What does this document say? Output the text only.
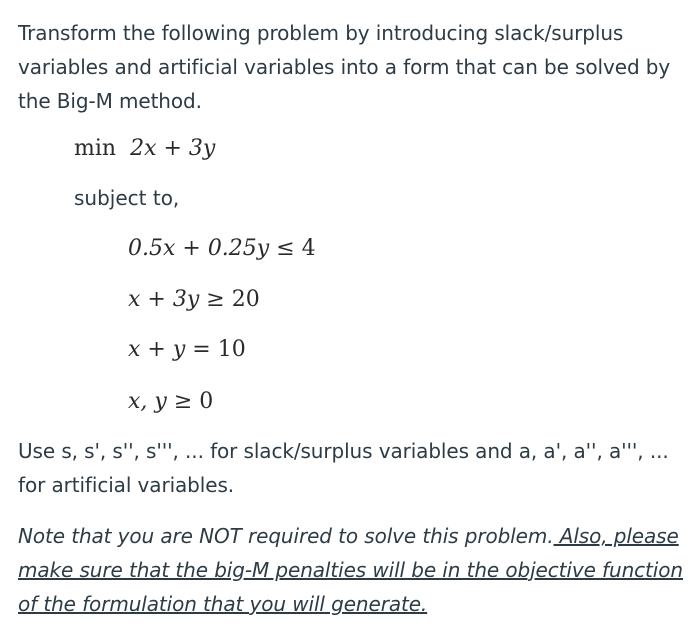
Transform the following problem by introducing slack/surplus variables and artificial variables into a form that can be solved by the Big-M method.
min 2x + 3y
subject to,
0.5x + 0.25y ≤ 4
x + 3y ≥ 20
x + y = 10
x, y ≥ 0
Use s, s', s'', s''', ... for slack/surplus variables and a, a', a'', a''', ... for artificial variables.
Note that you are NOT required to solve this problem. Also, please make sure that the big-M penalties will be in the objective function of the formulation that you will generate.
